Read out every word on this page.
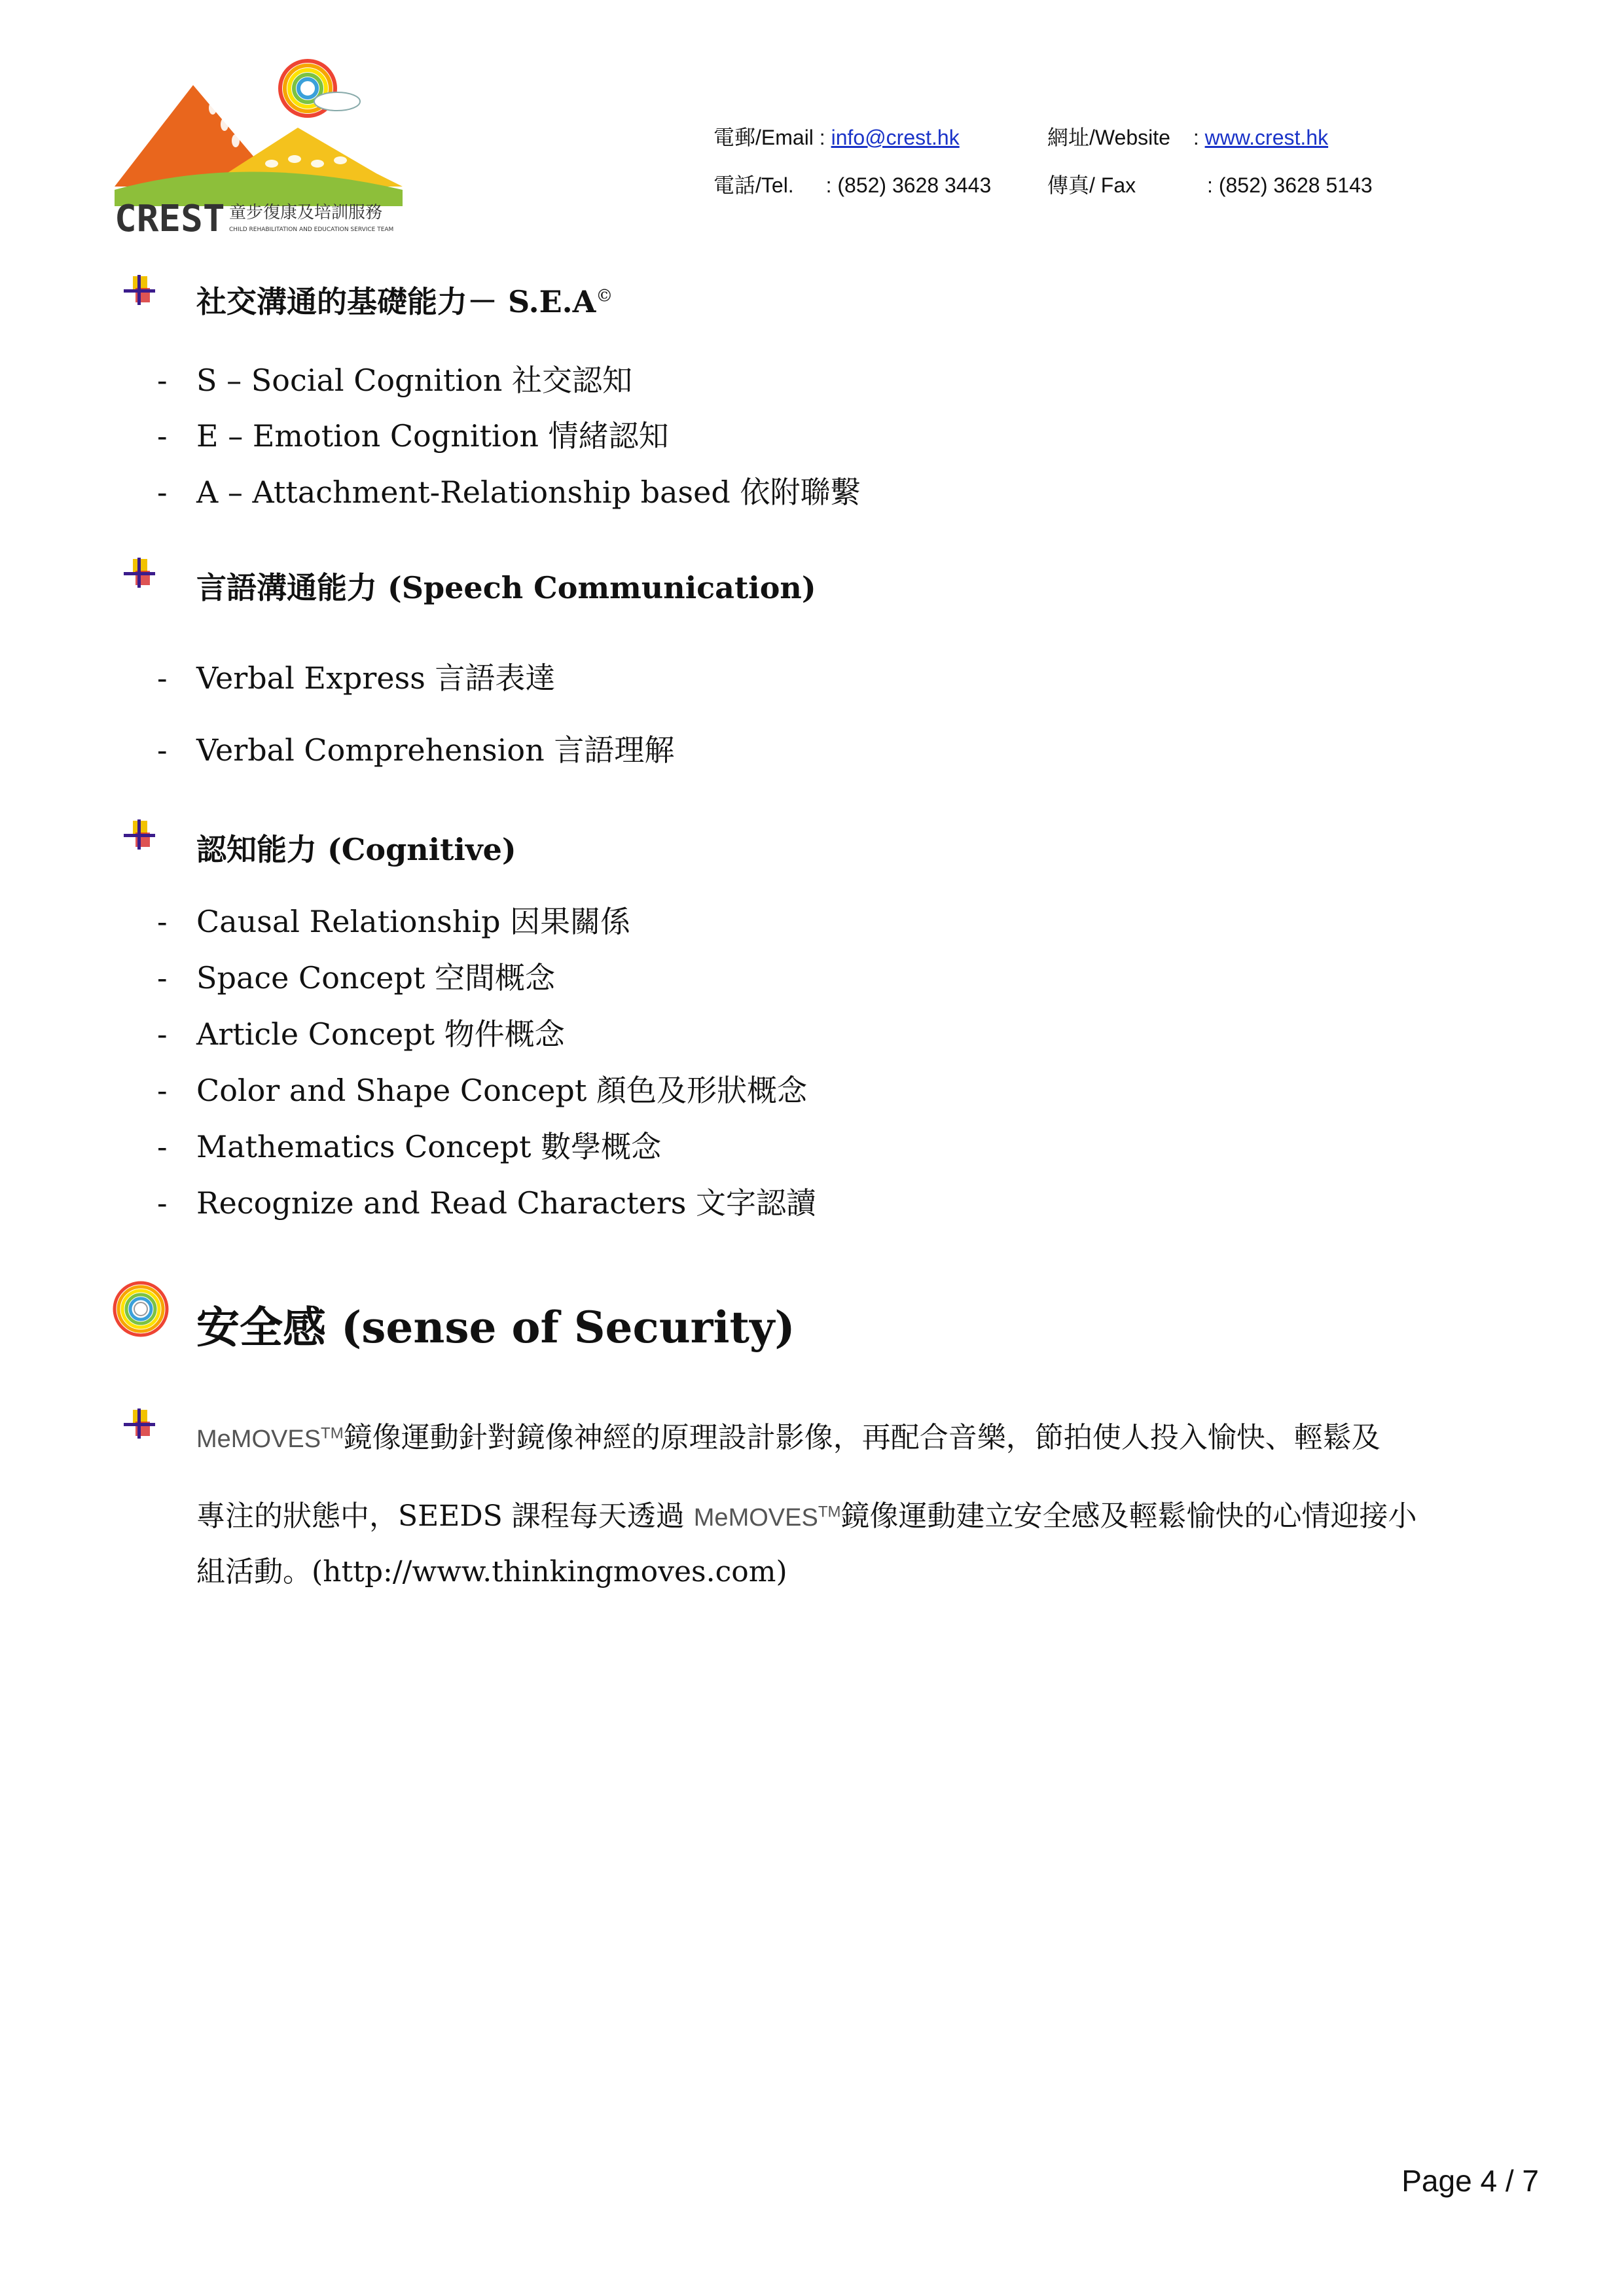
CREST 童步復康及培訓服務
CHILD REHABILITATION AND EDUCATION SERVICE TEAM
電郵/Email : info@crest.hk	網址/Website : www.crest.hk
電話/Tel. : (852) 3628 3443	傳真/ Fax	: (852) 3628 5143
社交溝通的基礎能力－ S.E.A©
- S – Social Cognition 社交認知
- E – Emotion Cognition 情緒認知
- A – Attachment-Relationship based 依附聯繫
言語溝通能力 (Speech Communication)
- Verbal Express 言語表達
- Verbal Comprehension 言語理解
認知能力 (Cognitive)
- Causal Relationship 因果關係
- Space Concept 空間概念
- Article Concept 物件概念
- Color and Shape Concept 顏色及形狀概念
- Mathematics Concept 數學概念
- Recognize and Read Characters 文字認讀
安全感 (sense of Security)
MeMOVES™鏡像運動針對鏡像神經的原理設計影像，再配合音樂，節拍使人投入愉快、輕鬆及
專注的狀態中，SEEDS 課程每天透過 MeMOVES™鏡像運動建立安全感及輕鬆愉快的心情迎接小
組活動。(http://www.thinkingmoves.com)
Page 4 / 7
